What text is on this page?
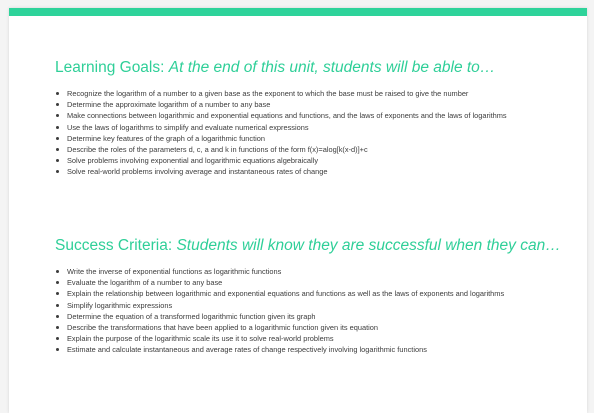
Learning Goals: At the end of this unit, students will be able to…
Recognize the logarithm of a number to a given base as the exponent to which the base must be raised to give the number
Determine the approximate logarithm of a number to any base
Make connections between logarithmic and exponential equations and functions, and the laws of exponents and the laws of logarithms
Use the laws of logarithms to simplify and evaluate numerical expressions
Determine key features of the graph of a logarithmic function
Describe the roles of the parameters d, c, a and k in functions of the form f(x)=alog[k(x-d)]+c
Solve problems involving exponential and logarithmic equations algebraically
Solve real-world problems involving average and instantaneous rates of change
Success Criteria: Students will know they are successful when they can…
Write the inverse of exponential functions as logarithmic functions
Evaluate the logarithm of a number to any base
Explain the relationship between logarithmic and exponential equations and functions as well as the laws of exponents and logarithms
Simplify logarithmic expressions
Determine the equation of a transformed logarithmic function given its graph
Describe the transformations that have been applied to a logarithmic function given its equation
Explain the purpose of the logarithmic scale its use it to solve real-world problems
Estimate and calculate instantaneous and average rates of change respectively involving logarithmic functions
